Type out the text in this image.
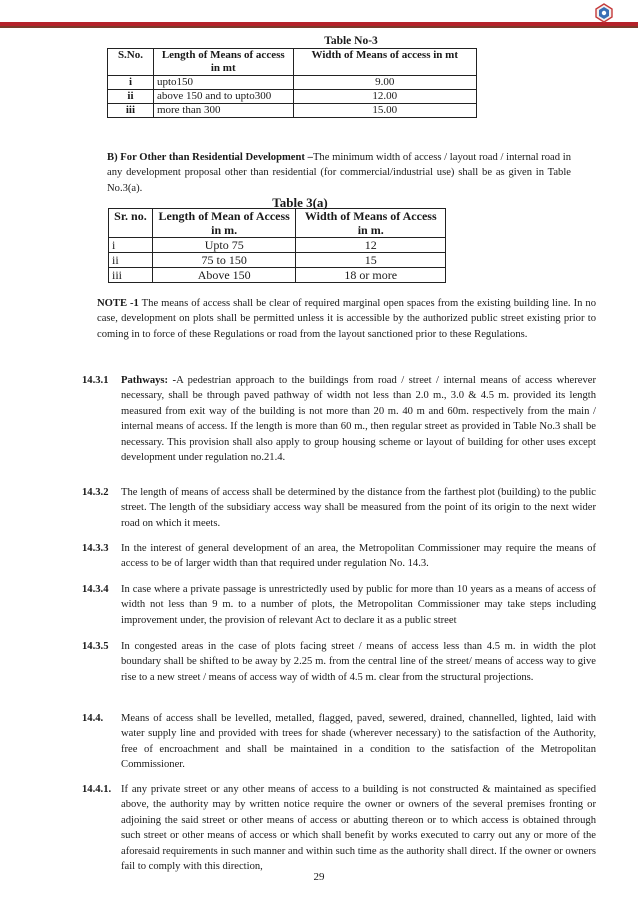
Table No-3
S.No.	Length of Means of access in mt	Width of Means of access in mt
i	upto150	9.00
ii	above 150 and to upto300	12.00
iii	more than 300	15.00

B) For Other than Residential Development –The minimum width of access / layout road / internal road in any development proposal other than residential (for commercial/industrial use) shall be as given in Table No.3(a).

Table 3(a)
Sr. no.	Length of Mean of Access in m.	Width of Means of Access in m.
i	Upto 75	12
ii	75 to 150	15
iii	Above 150	18 or more

NOTE -1 The means of access shall be clear of required marginal open spaces from the existing building line. In no case, development on plots shall be permitted unless it is accessible by the authorized public street existing prior to coming in to force of these Regulations or road from the layout sanctioned prior to these Regulations.

14.3.1 Pathways: -A pedestrian approach to the buildings from road / street / internal means of access wherever necessary, shall be through paved pathway of width not less than 2.0 m., 3.0 & 4.5 m. provided its length measured from exit way of the building is not more than 20 m. 40 m and 60m. respectively from the main / internal means of access. If the length is more than 60 m., then regular street as provided in Table No.3 shall be necessary. This provision shall also apply to group housing scheme or layout of building for other uses except development under regulation no.21.4.

14.3.2 The length of means of access shall be determined by the distance from the farthest plot (building) to the public street. The length of the subsidiary access way shall be measured from the point of its origin to the next wider road on which it meets.

14.3.3 In the interest of general development of an area, the Metropolitan Commissioner may require the means of access to be of larger width than that required under regulation No. 14.3.

14.3.4 In case where a private passage is unrestrictedly used by public for more than 10 years as a means of access of width not less than 9 m. to a number of plots, the Metropolitan Commissioner may take steps including improvement under, the provision of relevant Act to declare it as a public street

14.3.5 In congested areas in the case of plots facing street / means of access less than 4.5 m. in width the plot boundary shall be shifted to be away by 2.25 m. from the central line of the street/ means of access way to give rise to a new street / means of access way of width of 4.5 m. clear from the structural projections.

14.4. Means of access shall be levelled, metalled, flagged, paved, sewered, drained, channelled, lighted, laid with water supply line and provided with trees for shade (wherever necessary) to the satisfaction of the Authority, free of encroachment and shall be maintained in a condition to the satisfaction of the Metropolitan Commissioner.

14.4.1. If any private street or any other means of access to a building is not constructed & maintained as specified above, the authority may by written notice require the owner or owners of the several premises fronting or adjoining the said street or other means of access or abutting thereon or to which access is obtained through such street or other means of access or which shall benefit by works executed to carry out any or more of the aforesaid requirements in such manner and within such time as the authority shall direct. If the owner or owners fail to comply with this direction,

29
